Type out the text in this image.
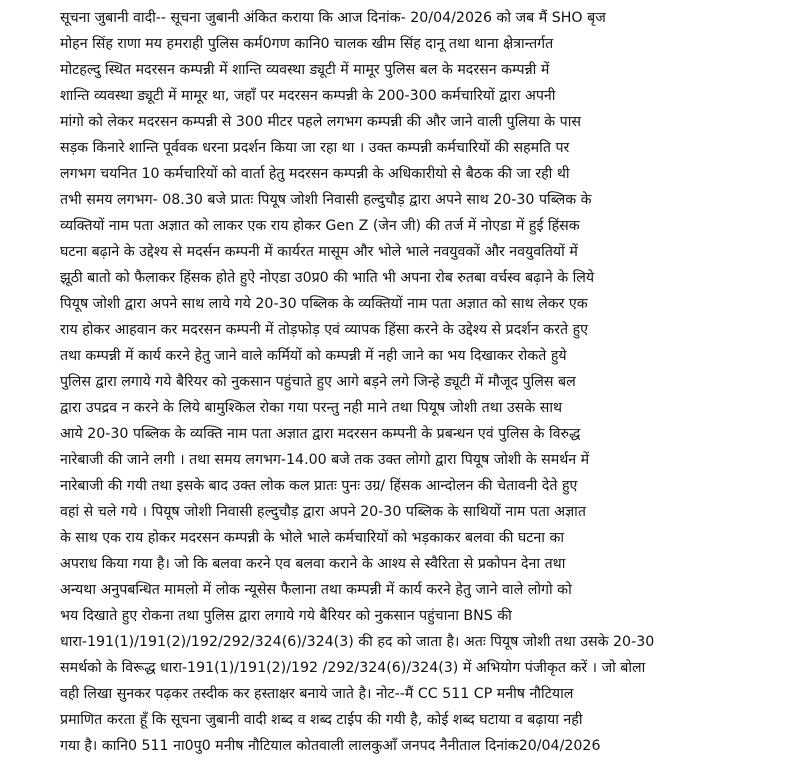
सूचना जुबानी वादी-- सूचना जुबानी अंकित कराया कि आज दिनांक- 20/04/2026 को जब मैं SHO बृज
मोहन सिंह राणा मय हमराही पुलिस कर्म0गण कानि0 चालक खीम सिंह दानू तथा थाना क्षेत्रान्तर्गत
मोटहल्दु स्थित मदरसन कम्पन्नी में शान्ति व्यवस्था ड्यूटी में मामूर पुलिस बल के मदरसन कम्पन्नी में
शान्ति व्यवस्था ड्यूटी में मामूर था, जहाँ पर मदरसन कम्पन्नी के 200-300 कर्मचारियों द्वारा अपनी
मांगो को लेकर मदरसन कम्पन्नी से 300 मीटर पहले लगभग कम्पन्नी की और जाने वाली पुलिया के पास
सड़क किनारे शान्ति पूर्ववक धरना प्रदर्शन किया जा रहा था । उक्त कम्पन्नी कर्मचारियों की सहमति पर
लगभग चयनित 10 कर्मचारियों को वार्ता हेतु मदरसन कम्पन्नी के अधिकारीयो से बैठक की जा रही थी
तभी समय लगभग- 08.30 बजे प्रातः पियूष जोशी निवासी हल्दुचौड़ द्वारा अपने साथ 20-30 पब्लिक के
व्यक्तियों नाम पता अज्ञात को लाकर एक राय होकर Gen Z (जेन जी) की तर्ज में नोएडा में हुई हिंसक
घटना बढ़ाने के उद्देश्य से मदर्सन कम्पनी में कार्यरत मासूम और भोले भाले नवयुवकों और नवयुवतियों में
झूठी बातो को फैलाकर हिंसक होते हुऐ नोएडा उ0प्र0 की भाति भी अपना रोब रुतबा वर्चस्व बढ़ाने के लिये
पियूष जोशी द्वारा अपने साथ लाये गये 20-30 पब्लिक के व्यक्तियों नाम पता अज्ञात को साथ लेकर एक
राय होकर आहवान कर मदरसन कम्पनी में तोड़फोड़ एवं व्यापक हिंसा करने के उद्देश्य से प्रदर्शन करते हुए
तथा कम्पन्नी में कार्य करने हेतु जाने वाले कर्मियों को कम्पन्नी में नही जाने का भय दिखाकर रोकते हुये
पुलिस द्वारा लगाये गये बैरियर को नुकसान पहुंचाते हुए आगे बड़ने लगे जिन्हे ड्यूटी में मौजूद पुलिस बल
द्वारा उपद्रव न करने के लिये बामुश्किल रोका गया परन्तु नही माने तथा पियूष जोशी तथा उसके साथ
आये 20-30 पब्लिक के व्यक्ति नाम पता अज्ञात द्वारा मदरसन कम्पनी के प्रबन्धन एवं पुलिस के विरुद्ध
नारेबाजी की जाने लगी । तथा समय लगभग-14.00 बजे तक उक्त लोगो द्वारा पियूष जोशी के समर्थन में
नारेबाजी की गयी तथा इसके बाद उक्त लोक कल प्रातः पुनः उग्र/ हिंसक आन्दोलन की चेतावनी देते हुए
वहां से चले गये । पियूष जोशी निवासी हल्दुचौड़ द्वारा अपने 20-30 पब्लिक के साथियों नाम पता अज्ञात
के साथ एक राय होकर मदरसन कम्पन्नी के भोले भाले कर्मचारियों को भड़काकर बलवा की घटना का
अपराध किया गया है। जो कि बलवा करने एव बलवा कराने के आश्य से स्वैरिता से प्रकोपन देना तथा
अन्यथा अनुपबन्धित मामलो में लोक न्यूसेस फैलाना तथा कम्पन्नी में कार्य करने हेतु जाने वाले लोगो को
भय दिखाते हुए रोकना तथा पुलिस द्वारा लगाये गये बैरियर को नुकसान पहुंचाना BNS की
धारा-191(1)/191(2)/192/292/324(6)/324(3) की हद को जाता है। अतः पियूष जोशी तथा उसके 20-30
समर्थको के विरूद्ध धारा-191(1)/191(2)/192 /292/324(6)/324(3) में अभियोग पंजीकृत करें । जो बोला
वही लिखा सुनकर पढ़कर तस्दीक कर हस्ताक्षर बनाये जाते है। नोट--मैं CC 511 CP मनीष नौटियाल
प्रमाणित करता हूँ कि सूचना जुबानी वादी शब्द व शब्द टाईप की गयी है, कोई शब्द घटाया व बढ़ाया नही
गया है। कानि0 511 ना0पु0 मनीष नौटियाल कोतवाली लालकुआँ जनपद नैनीताल दिनांक20/04/2026
